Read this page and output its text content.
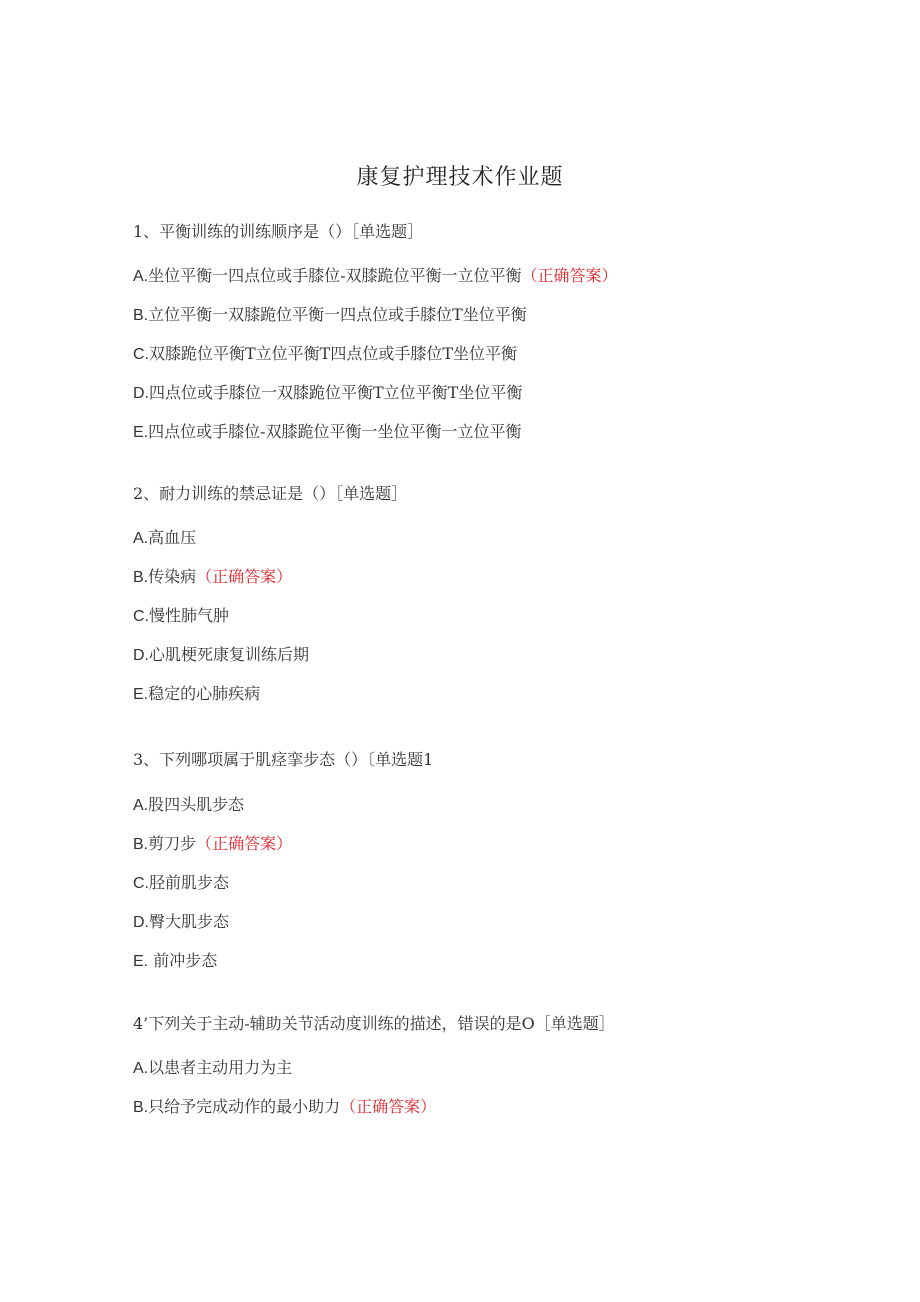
康复护理技术作业题
1、平衡训练的训练顺序是（）［单选题］
A.坐位平衡一四点位或手膝位-双膝跪位平衡一立位平衡（正确答案）
B.立位平衡一双膝跪位平衡一四点位或手膝位T坐位平衡
C.双膝跪位平衡T立位平衡T四点位或手膝位T坐位平衡
D.四点位或手膝位一双膝跪位平衡T立位平衡T坐位平衡
E.四点位或手膝位-双膝跪位平衡一坐位平衡一立位平衡
2、耐力训练的禁忌证是（）［单选题］
A.高血压
B.传染病（正确答案）
C.慢性肺气肿
D.心肌梗死康复训练后期
E.稳定的心肺疾病
3、下列哪项属于肌痉挛步态（）〔单选题1
A.股四头肌步态
B.剪刀步（正确答案）
C.胫前肌步态
D.臀大肌步态
E. 前冲步态
4’下列关于主动-辅助关节活动度训练的描述，错误的是O［单选题］
A.以患者主动用力为主
B.只给予完成动作的最小助力（正确答案）
